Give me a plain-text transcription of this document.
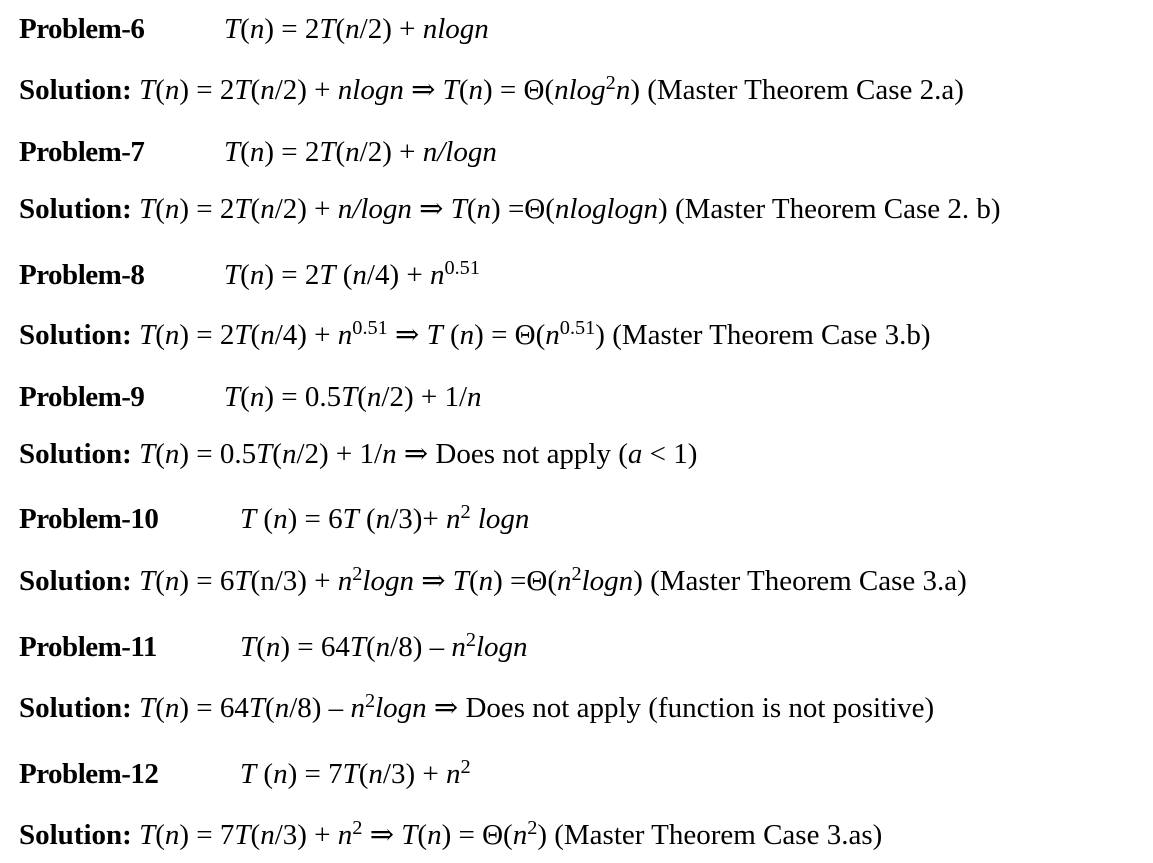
Problem-6	T(n) = 2T(n/2) + nlogn
Solution: T(n) = 2T(n/2) + nlogn ⇒ T(n) = Θ(nlog$^2$n) (Master Theorem Case 2.a)
Problem-7	T(n) = 2T(n/2) + n/logn
Solution: T(n) = 2T(n/2) + n/logn ⇒ T(n) =Θ(nloglogn) (Master Theorem Case 2. b)
Problem-8	T(n) = 2T $(n/4) + n^{0.51}$
Solution: $T(n) = 2T(n/4) + n^{0.51}$ ⇒ T $(n) = \Theta(n^{0.51})$ (Master Theorem Case 3.b)
Problem-9	T(n) = 0.5T(n/2) + 1/n
Solution: T(n) = 0.5T(n/2) + 1/n ⇒ Does not apply (a < 1)
Problem-10	T (n) = 6T $(n/3)+ n^2$ logn
Solution: $T(n) = 6T(n/3) + n^2\log n$ ⇒ $T(n) =\Theta(n^2\log n)$ (Master Theorem Case 3.a)
Problem-11	$T(n) = 64T(n/8) - n^2\log n$
Solution: $T(n) = 64T(n/8) - n^2\log n$ ⇒ Does not apply (function is not positive)
Problem-12	T $(n) = 7T(n/3) + n^2$
Solution: $T(n) = 7T(n/3) + n^2$ ⇒ $T(n) = \Theta(n^2)$ (Master Theorem Case 3.as)
